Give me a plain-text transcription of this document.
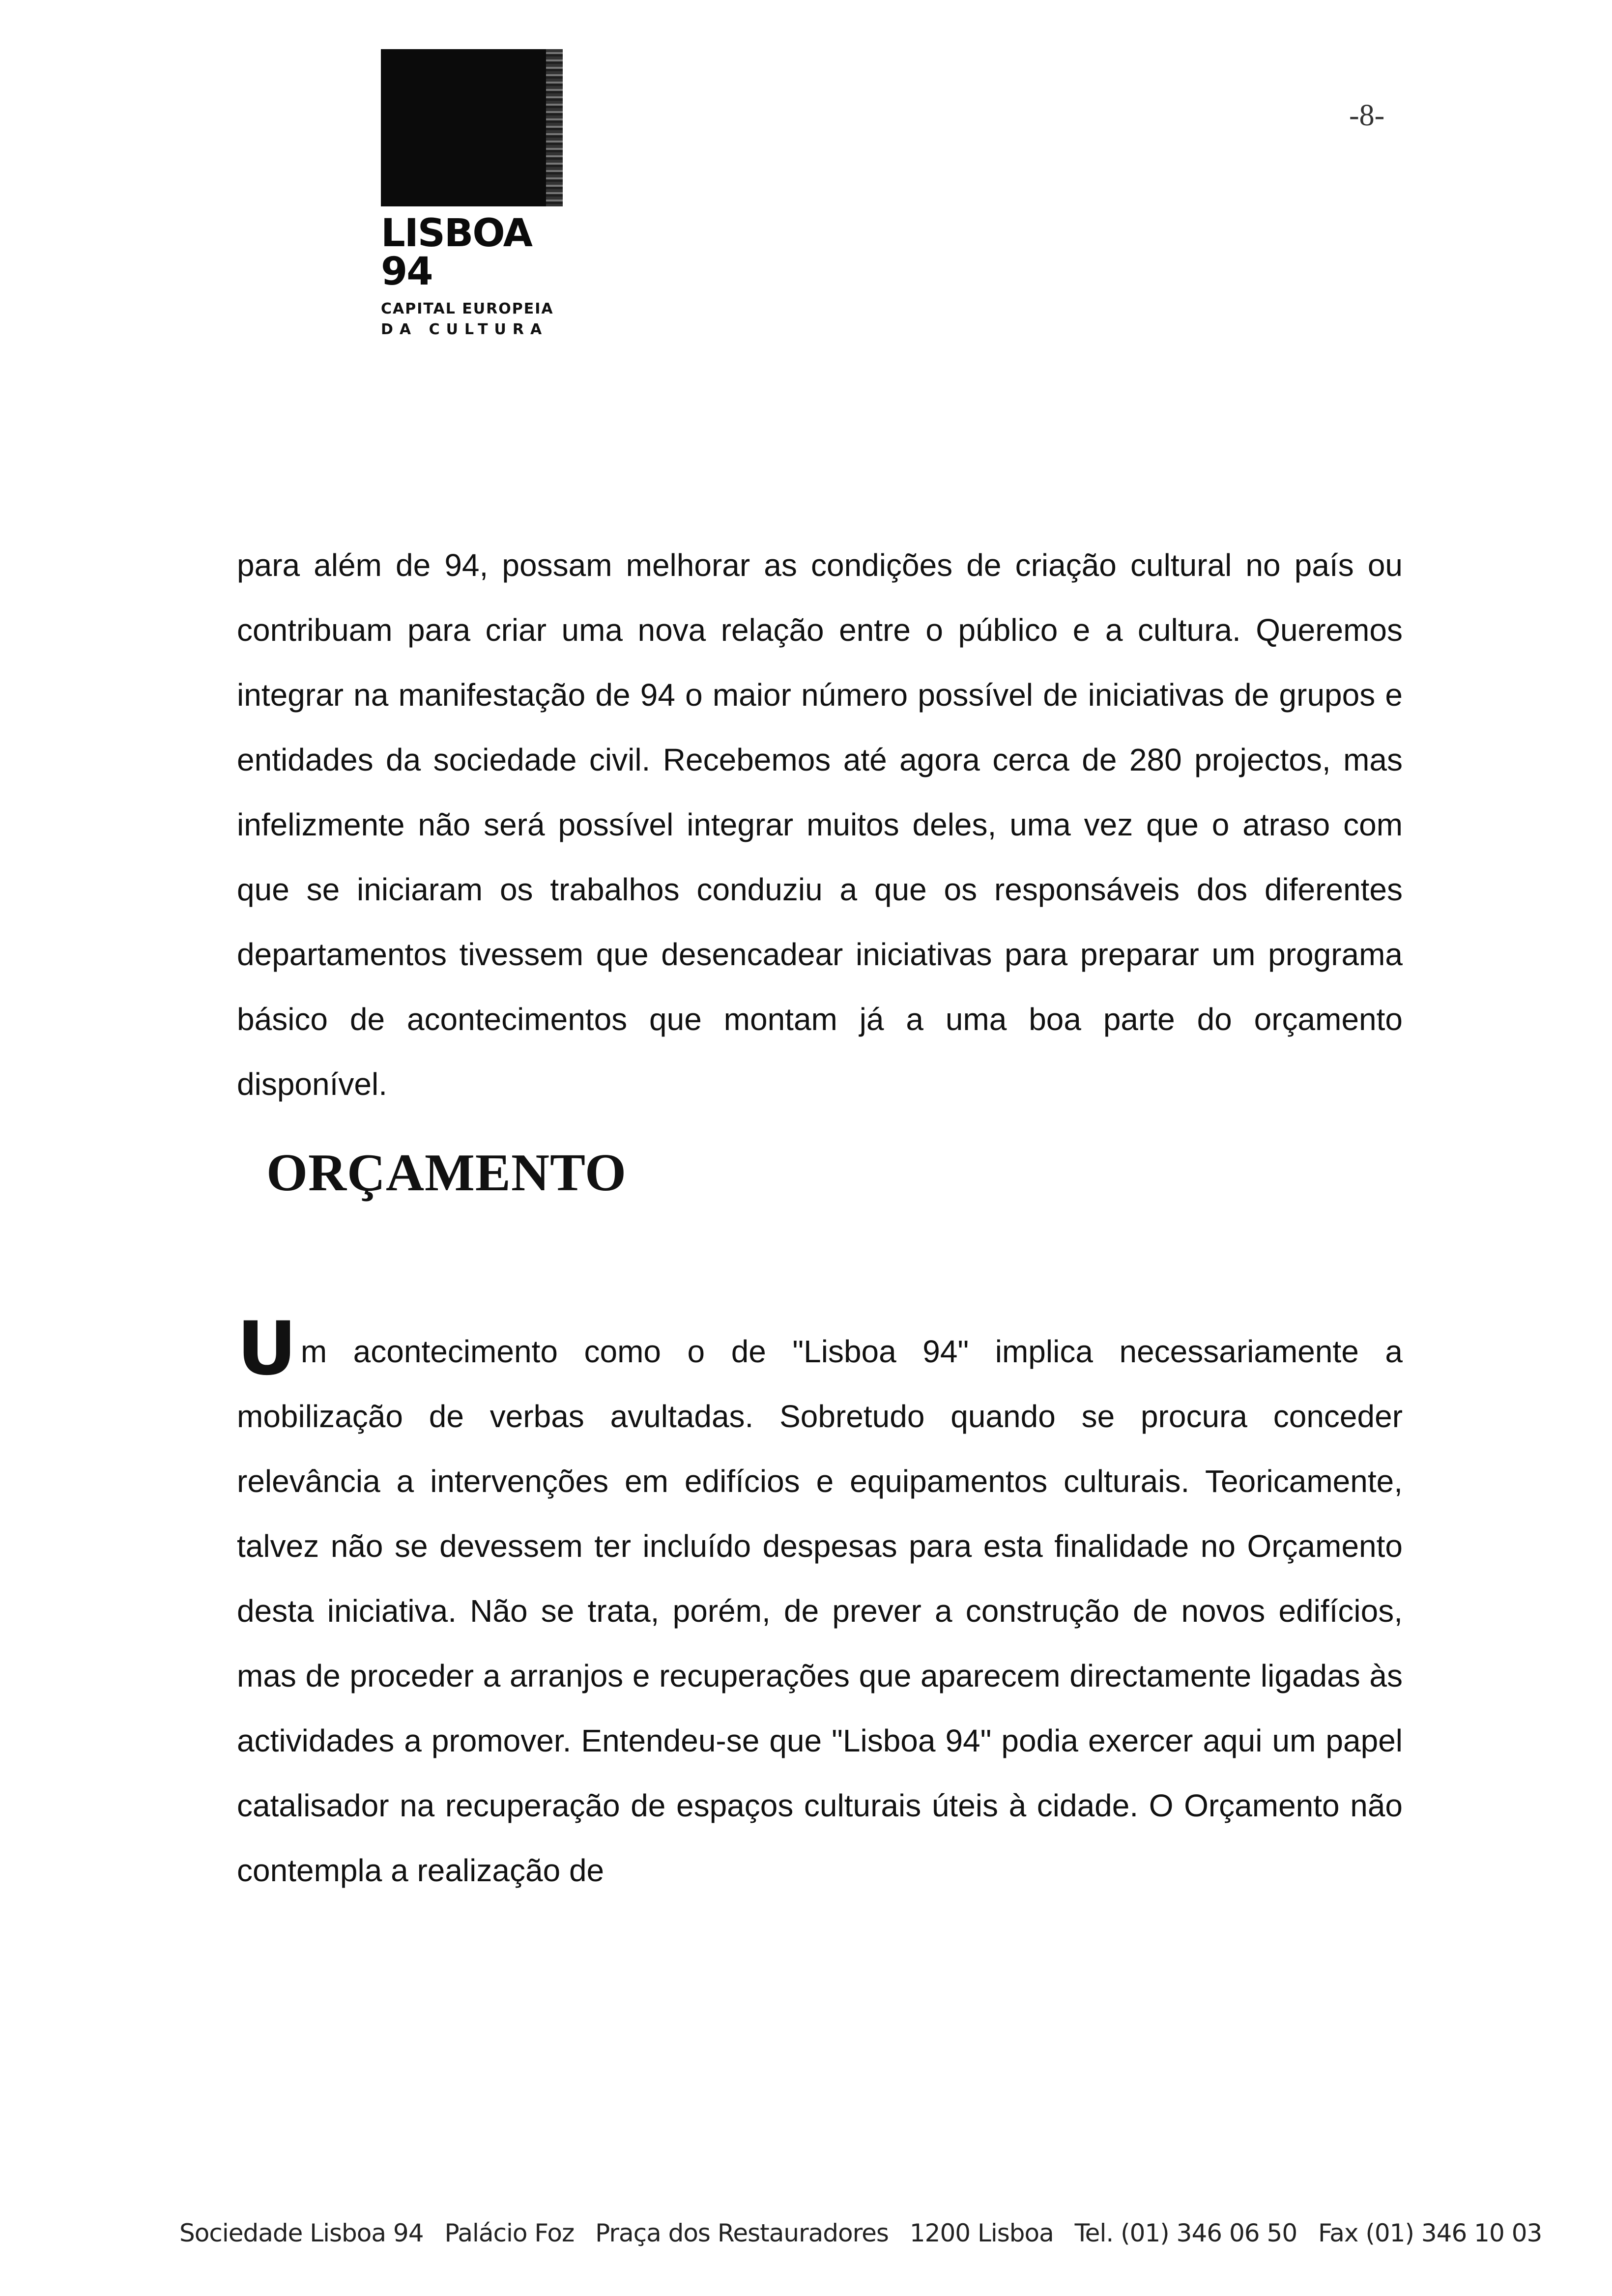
LISBOA 94
CAPITAL EUROPEIA
DA CULTURA
-8-

para além de 94, possam melhorar as condições de criação cultural no país ou contribuam para criar uma nova relação entre o público e a cultura. Queremos integrar na manifestação de 94 o maior número possível de iniciativas de grupos e entidades da sociedade civil. Recebemos até agora cerca de 280 projectos, mas infelizmente não será possível integrar muitos deles, uma vez que o atraso com que se iniciaram os trabalhos conduziu a que os responsáveis dos diferentes departamentos tivessem que desencadear iniciativas para preparar um programa básico de acontecimentos que montam já a uma boa parte do orçamento disponível.

ORÇAMENTO

Um acontecimento como o de "Lisboa 94" implica necessariamente a mobilização de verbas avultadas. Sobretudo quando se procura conceder relevância a intervenções em edifícios e equipamentos culturais. Teoricamente, talvez não se devessem ter incluído despesas para esta finalidade no Orçamento desta iniciativa. Não se trata, porém, de prever a construção de novos edifícios, mas de proceder a arranjos e recuperações que aparecem directamente ligadas às actividades a promover. Entendeu-se que "Lisboa 94" podia exercer aqui um papel catalisador na recuperação de espaços culturais úteis à cidade. O Orçamento não contempla a realização de

Sociedade Lisboa 94 Palácio Foz Praça dos Restauradores 1200 Lisboa Tel. (01) 346 06 50 Fax (01) 346 10 03
